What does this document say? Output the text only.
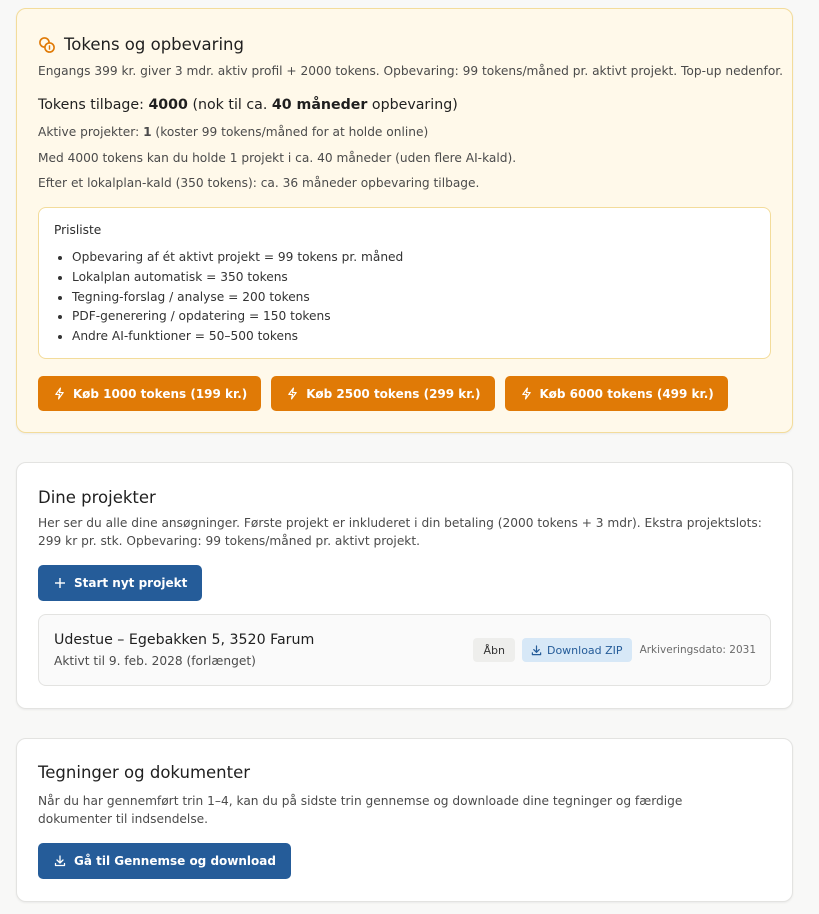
Tokens og opbevaring
Engangs 399 kr. giver 3 mdr. aktiv profil + 2000 tokens. Opbevaring: 99 tokens/måned pr. aktivt projekt. Top-up nedenfor.
Tokens tilbage: 4000 (nok til ca. 40 måneder opbevaring)
Aktive projekter: 1 (koster 99 tokens/måned for at holde online)
Med 4000 tokens kan du holde 1 projekt i ca. 40 måneder (uden flere AI-kald).
Efter et lokalplan-kald (350 tokens): ca. 36 måneder opbevaring tilbage.
Prisliste
• Opbevaring af ét aktivt projekt = 99 tokens pr. måned
• Lokalplan automatisk = 350 tokens
• Tegning-forslag / analyse = 200 tokens
• PDF-generering / opdatering = 150 tokens
• Andre AI-funktioner = 50–500 tokens
Køb 1000 tokens (199 kr.)	Køb 2500 tokens (299 kr.)	Køb 6000 tokens (499 kr.)
Dine projekter
Her ser du alle dine ansøgninger. Første projekt er inkluderet i din betaling (2000 tokens + 3 mdr). Ekstra projektslots: 299 kr pr. stk. Opbevaring: 99 tokens/måned pr. aktivt projekt.
Start nyt projekt
Udestue – Egebakken 5, 3520 Farum
Aktivt til 9. feb. 2028 (forlænget)
Åbn	Download ZIP Arkiveringsdato: 2031
Tegninger og dokumenter
Når du har gennemført trin 1–4, kan du på sidste trin gennemse og downloade dine tegninger og færdige dokumenter til indsendelse.
Gå til Gennemse og download
